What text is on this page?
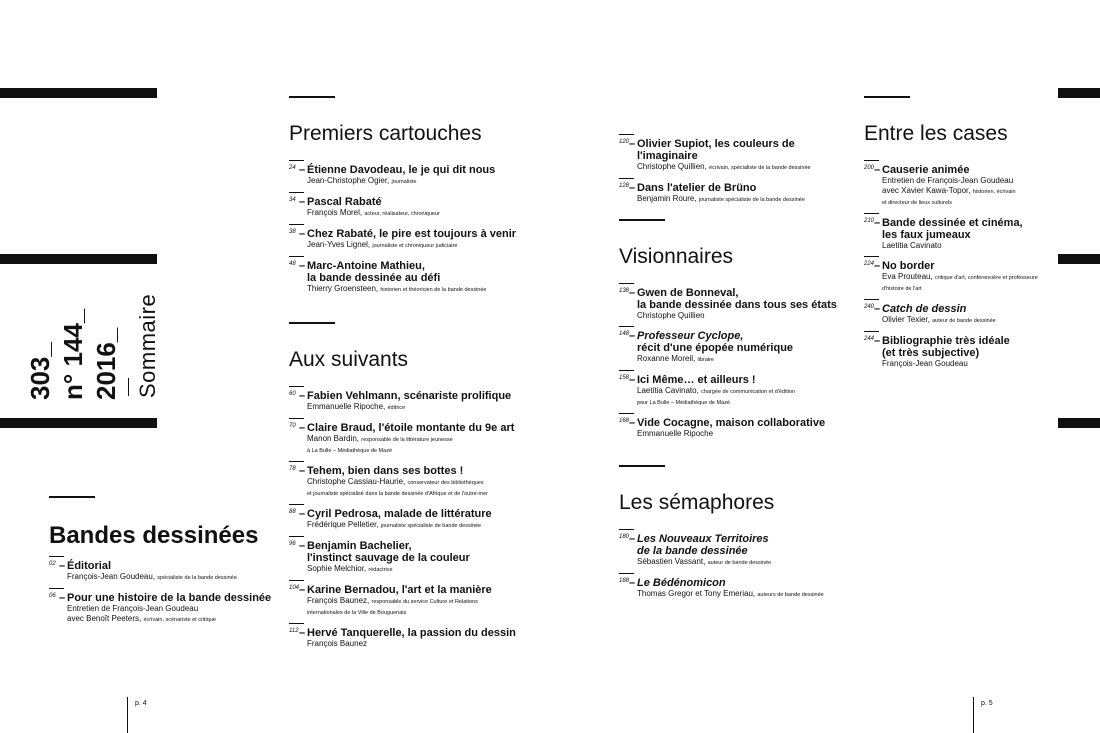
303_ n° 144_ 2016_ Sommaire
Bandes dessinées
02 – Éditorial
François-Jean Goudeau, spécialiste de la bande dessinée
06 – Pour une histoire de la bande dessinée
Entretien de François-Jean Goudeau
avec Benoît Peeters, écrivain, scénariste et critique
Premiers cartouches
24 – Étienne Davodeau, le je qui dit nous
Jean-Christophe Ogier, journaliste
34 – Pascal Rabaté
François Morel, acteur, réalisateur, chroniqueur
38 – Chez Rabaté, le pire est toujours à venir
Jean-Yves Lignel, journaliste et chroniqueur judiciaire
48 – Marc-Antoine Mathieu,
la bande dessinée au défi
Thierry Groensteen, historien et théoricien de la bande dessinée
Aux suivants
60 – Fabien Vehlmann, scénariste prolifique
Emmanuelle Ripoche, éditrice
70 – Claire Braud, l'étoile montante du 9e art
Manon Bardin, responsable de la littérature jeunesse
à La Bulle – Médiathèque de Mazé
78 – Tehem, bien dans ses bottes !
Christophe Cassiau-Haurie, conservateur des bibliothèques
et journaliste spécialisé dans la bande dessinée d'Afrique et de l'outre-mer
88 – Cyril Pedrosa, malade de littérature
Frédérique Pelletier, journaliste spécialiste de bande dessinée
96 – Benjamin Bachelier,
l'instinct sauvage de la couleur
Sophie Melchior, rédactrice
104 – Karine Bernadou, l'art et la manière
François Baunez, responsable du service Culture et Relations
internationales de la Ville de Bouguenais
112 – Hervé Tanquerelle, la passion du dessin
François Baunez
120 – Olivier Supiot, les couleurs de l'imaginaire
Christophe Quillien, écrivain, spécialiste de la bande dessinée
128 – Dans l'atelier de Brüno
Benjamin Roure, journaliste spécialiste de la bande dessinée
Visionnaires
138 – Gwen de Bonneval,
la bande dessinée dans tous ses états
Christophe Quillien
148 – Professeur Cyclope,
récit d'une épopée numérique
Roxanne Moreil, libraire
158 – Ici Même… et ailleurs !
Laetitia Cavinato, chargée de communication et d'édition
pour La Bulle – Médiathèque de Mazé
168 – Vide Cocagne, maison collaborative
Emmanuelle Ripoche
Les sémaphores
180 – Les Nouveaux Territoires
de la bande dessinée
Sébastien Vassant, auteur de bande dessinée
188 – Le Bédénomicon
Thomas Gregor et Tony Emeriau, auteurs de bande dessinée
Entre les cases
200 – Causerie animée
Entretien de François-Jean Goudeau
avec Xavier Kawa-Topor, historien, écrivain
et directeur de lieux culturels
210 – Bande dessinée et cinéma,
les faux jumeaux
Laetitia Cavinato
224 – No border
Eva Prouteau, critique d'art, conférencière et professeure
d'histoire de l'art
240 – Catch de dessin
Olivier Texier, auteur de bande dessinée
244 – Bibliographie très idéale
(et très subjective)
François-Jean Goudeau
p. 4	p. 5
